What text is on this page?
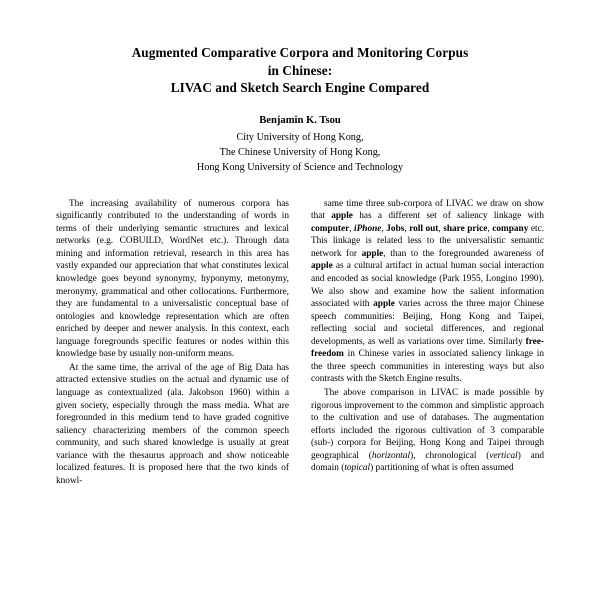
Augmented Comparative Corpora and Monitoring Corpus
in Chinese:
LIVAC and Sketch Search Engine Compared
Benjamin K. Tsou
City University of Hong Kong,
The Chinese University of Hong Kong,
Hong Kong University of Science and Technology

The increasing availability of numerous corpora has significantly contributed to the understanding of words in terms of their underlying semantic structures and lexical networks (e.g. COBUILD, WordNet etc.). Through data mining and information retrieval, research in this area has vastly expanded our appreciation that what constitutes lexical knowledge goes beyond synonymy, hyponymy, metonymy, meronymy, grammatical and other collocations. Furthermore, they are fundamental to a universalistic conceptual base of ontologies and knowledge representation which are often enriched by deeper and newer analysis. In this context, each language foregrounds specific features or nodes within this knowledge base by usually non-uniform means.

At the same time, the arrival of the age of Big Data has attracted extensive studies on the actual and dynamic use of language as contextualized (ala. Jakobson 1960) within a given society, especially through the mass media. What are foregrounded in this medium tend to have graded cognitive saliency characterizing members of the common speech community, and such shared knowledge is usually at great variance with the thesaurus approach and show noticeable localized features. It is proposed here that the two kinds of knowl-

same time three sub-corpora of LIVAC we draw on show that apple has a different set of saliency linkage with computer, iPhone, Jobs, roll out, share price, company etc. This linkage is related less to the universalistic semantic network for apple, than to the foregrounded awareness of apple as a cultural artifact in actual human social interaction and encoded as social knowledge (Park 1955, Longino 1990). We also show and examine how the salient information associated with apple varies across the three major Chinese speech communities: Beijing, Hong Kong and Taipei, reflecting social and societal differences, and regional developments, as well as variations over time. Similarly free-freedom in Chinese varies in associated saliency linkage in the three speech communities in interesting ways but also contrasts with the Sketch Engine results.

The above comparison in LIVAC is made possible by rigorous improvement to the common and simplistic approach to the cultivation and use of databases. The augmentation efforts included the rigorous cultivation of 3 comparable (sub-) corpora for Beijing, Hong Kong and Taipei through geographical (horizontal), chronological (vertical) and domain (topical) partitioning of what is often assumed
